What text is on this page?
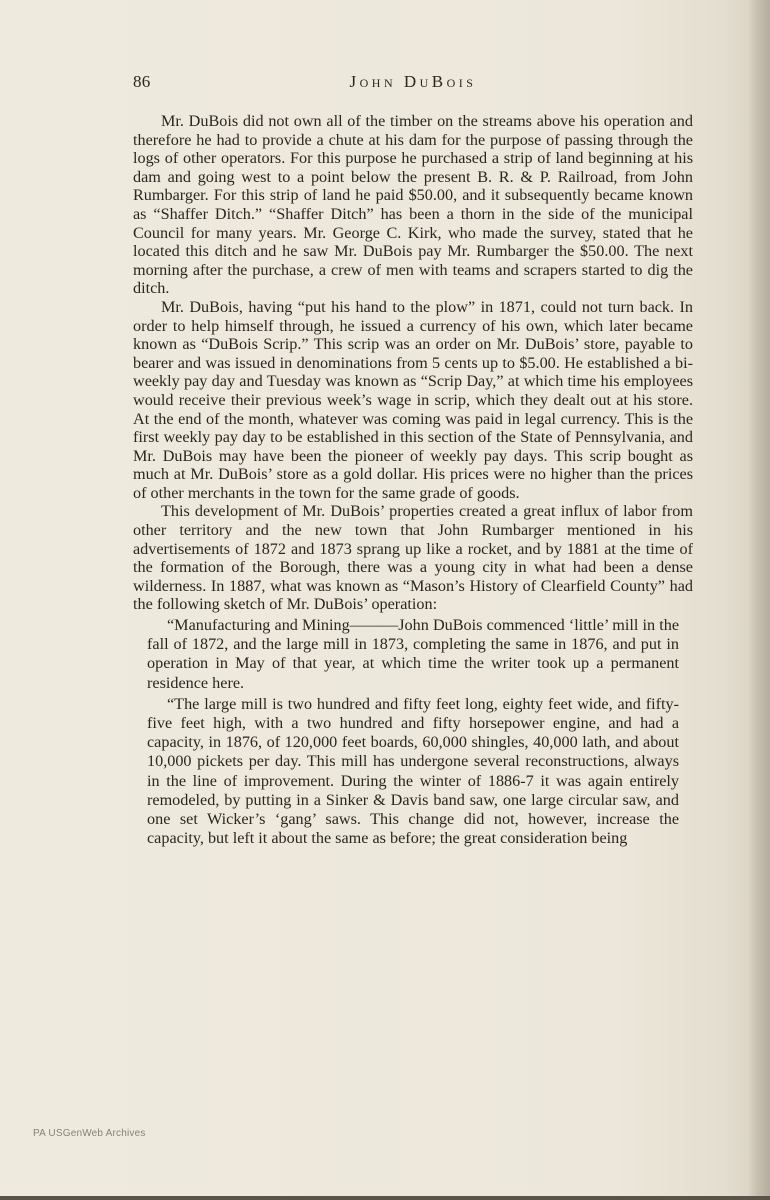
86	John DuBois

Mr. DuBois did not own all of the timber on the streams above his operation and therefore he had to provide a chute at his dam for the purpose of passing through the logs of other operators. For this purpose he purchased a strip of land beginning at his dam and going west to a point below the present B. R. & P. Railroad, from John Rumbarger. For this strip of land he paid $50.00, and it subsequently became known as “Shaffer Ditch.” “Shaffer Ditch” has been a thorn in the side of the municipal Council for many years. Mr. George C. Kirk, who made the survey, stated that he located this ditch and he saw Mr. DuBois pay Mr. Rumbarger the $50.00. The next morning after the purchase, a crew of men with teams and scrapers started to dig the ditch.

Mr. DuBois, having “put his hand to the plow” in 1871, could not turn back. In order to help himself through, he issued a currency of his own, which later became known as “DuBois Scrip.” This scrip was an order on Mr. DuBois’ store, payable to bearer and was issued in denominations from 5 cents up to $5.00. He established a bi-weekly pay day and Tuesday was known as “Scrip Day,” at which time his employees would receive their previous week’s wage in scrip, which they dealt out at his store. At the end of the month, whatever was coming was paid in legal currency. This is the first weekly pay day to be established in this section of the State of Pennsylvania, and Mr. DuBois may have been the pioneer of weekly pay days. This scrip bought as much at Mr. DuBois’ store as a gold dollar. His prices were no higher than the prices of other merchants in the town for the same grade of goods.

This development of Mr. DuBois’ properties created a great influx of labor from other territory and the new town that John Rumbarger mentioned in his advertisements of 1872 and 1873 sprang up like a rocket, and by 1881 at the time of the formation of the Borough, there was a young city in what had been a dense wilderness. In 1887, what was known as “Mason’s History of Clearfield County” had the following sketch of Mr. DuBois’ operation:

“Manufacturing and Mining———John DuBois commenced ‘little’ mill in the fall of 1872, and the large mill in 1873, completing the same in 1876, and put in operation in May of that year, at which time the writer took up a permanent residence here.

“The large mill is two hundred and fifty feet long, eighty feet wide, and fifty-five feet high, with a two hundred and fifty horsepower engine, and had a capacity, in 1876, of 120,000 feet boards, 60,000 shingles, 40,000 lath, and about 10,000 pickets per day. This mill has undergone several reconstructions, always in the line of improvement. During the winter of 1886-7 it was again entirely remodeled, by putting in a Sinker & Davis band saw, one large circular saw, and one set Wicker’s ‘gang’ saws. This change did not, however, increase the capacity, but left it about the same as before; the great consideration being

PA USGenWeb Archives
